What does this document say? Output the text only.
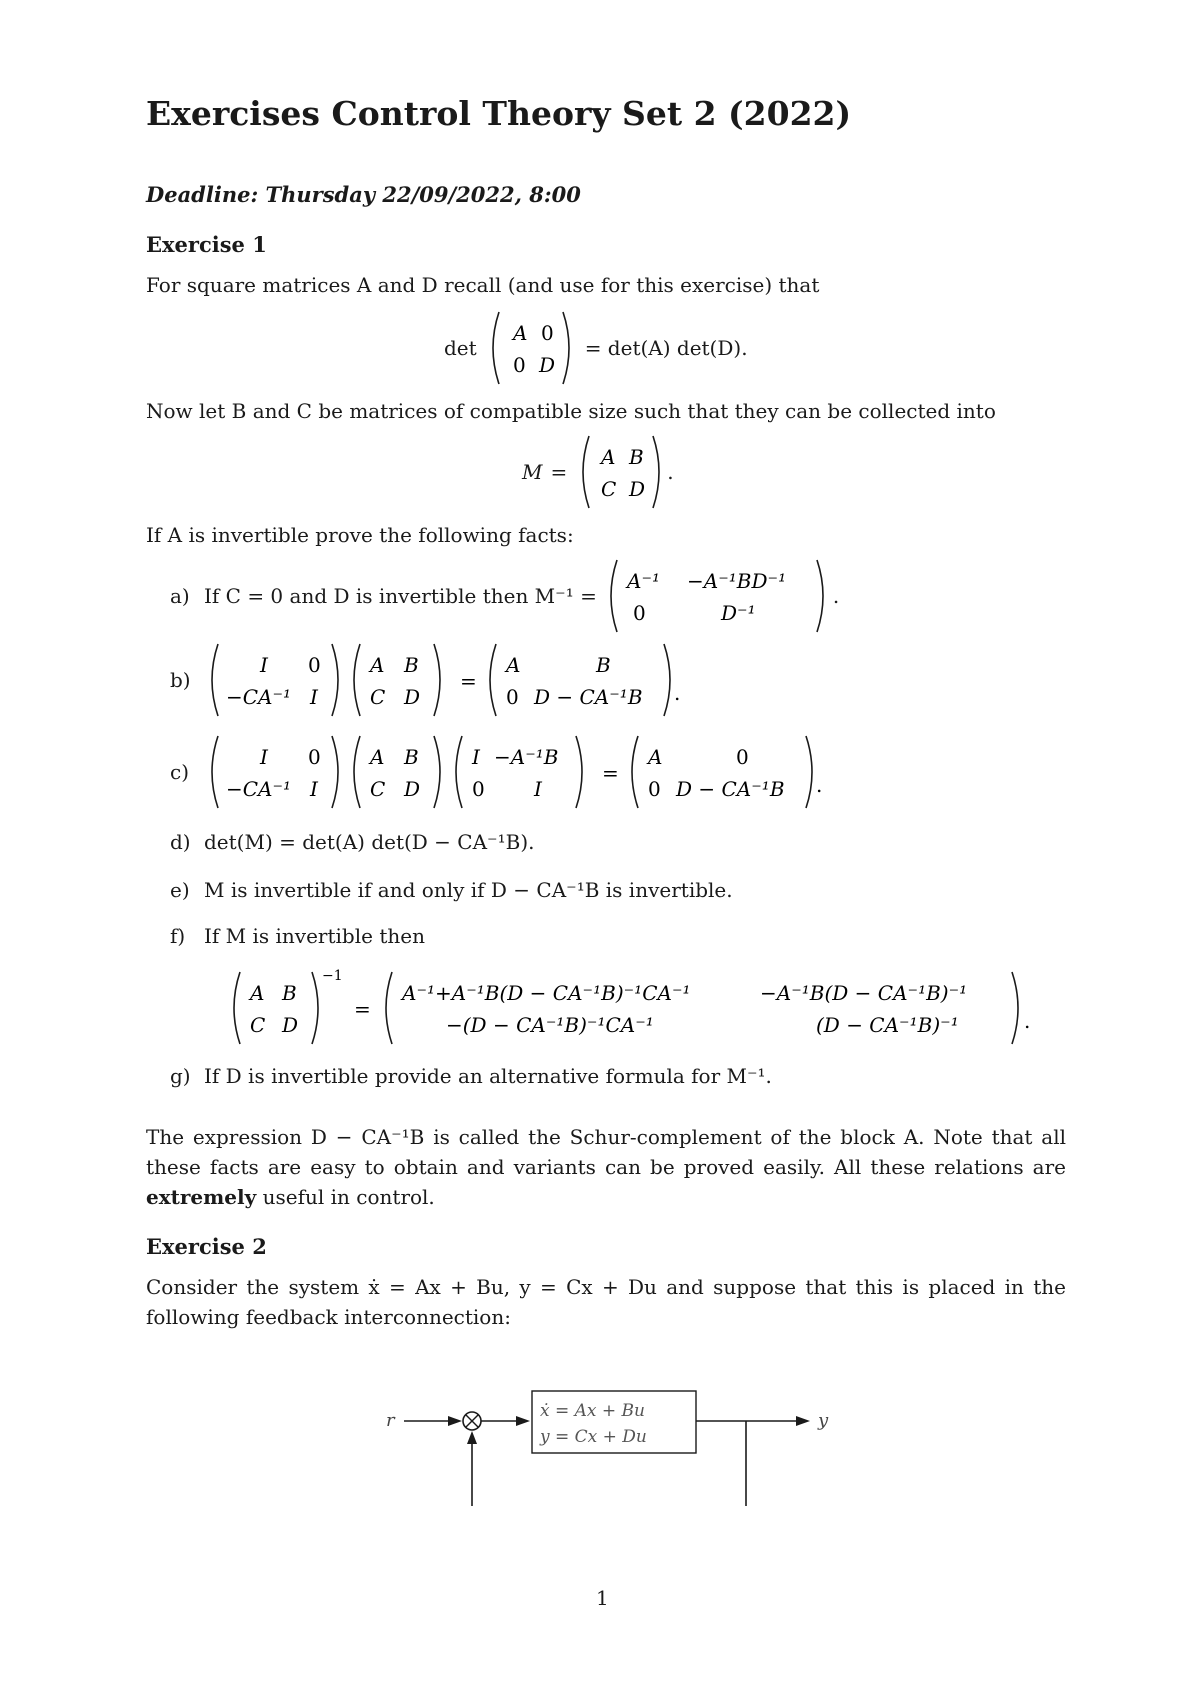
Exercises Control Theory Set 2 (2022)
Deadline: Thursday 22/09/2022, 8:00
Exercise 1
For square matrices A and D recall (and use for this exercise) that
det
A 0
0 D
= det(A) det(D).
Now let B and C be matrices of compatible size such that they can be collected into
M =
A B
C D
.
If A is invertible prove the following facts:
a) If C = 0 and D is invertible then M⁻¹ =
A⁻¹ −A⁻¹BD⁻¹
0	D⁻¹
.
b)
I 0
−CA⁻¹ I
A B
C D
=
A	B
0 D − CA⁻¹B .
c)
I 0
−CA⁻¹ I
A B
C D
I −A⁻¹B
0 I
=
A	0
0 D − CA⁻¹B .
d) det(M) = det(A) det(D − CA⁻¹B).
e) M is invertible if and only if D − CA⁻¹B is invertible.
f) If M is invertible then
A B
C D
−1
=
A⁻¹+A⁻¹B(D − CA⁻¹B)⁻¹CA⁻¹	−A⁻¹B(D − CA⁻¹B)⁻¹
−(D − CA⁻¹B)⁻¹CA⁻¹	(D − CA⁻¹B)⁻¹	.
g) If D is invertible provide an alternative formula for M⁻¹.
The expression D − CA⁻¹B is called the Schur-complement of the block A. Note that all these facts are easy to obtain and variants can be proved easily. All these relations are extremely useful in control.
Exercise 2
Consider the system ẋ = Ax + Bu, y = Cx + Du and suppose that this is placed in the following feedback interconnection:
r	ẋ = Ax + Bu
y = Cx + Du
y
1
